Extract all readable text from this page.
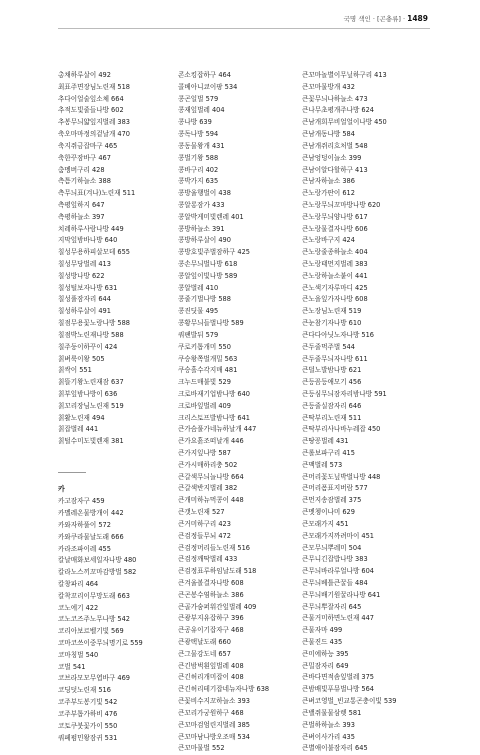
국명 색인 · [곤충류] · 1489
총채하루살이 492
최표주면장님노린재 518
추다이얼술잎소체 664
추적도빛줄들나방 602
추봉무늬얇잎지벌레 383
축오마마정의겉날개 470
축지쥐금잡마구 465
축한꾸잠바구 467
춤멩버구리 428
측틈기하늘소 388
측무늬표(겨나)노린재 511
측평잎하지 647
측평하늘소 397
치레하루사람나방 449
지막잎밤바나방 640
칠성무용하피살모데 655
칠성무당벌레 413
칠성방나방 622
칠성털보자나방 631
칠성풀잠자리 644
칠성하루살이 491
칠점무용꽃노랑나방 588
칠점박노린재나방 588
칠주둥이하꾸이 424
칡벼룩이왕 505
칡싹이 551
칡뜰기왕노린재잠 637
칡부잎밤나방이 636
칡꼬리장님노린재 519
칡활노린재 494
칡잡벌레 441
칡털수미도빛렌재 381
카
카고잠자구 459
카멜레온물방개이 442
카와자하풀이 572
카와쿠라물날도래 666
카라조파이레 455
칼날매화보세일자나방 480
칼라노스끼꼬마감방벌 582
칼창파리 464
칼착꼬리이무망도래 663
코노에기 422
코노코즈주노무나방 542
코리아보르벨기빛 569
코마코쓰이중무늬명기로 559
코마칭벌 540
코벌 541
코브라모모무엽바구 469
코딩덧노린재 516
코주부도봉기빛 542
코주부톱가하비 476
코토쿠붓꽃가이 550
쿼페펌민왕잠귀 531
콘소킹잡하구 464
콜베아니쿄이팡 534
콩곤일벌 579
콩재잎벌레 404
콩나방 639
콩독나방 594
콩동물왕개 431
콩벌기왕 588
콩바구리 402
콩박가지 635
콩방울행벌이 438
콩알롱잠가 433
콩알박게미빛렌레 401
콩방하늘소 391
콩방하루살이 490
콩방호빛주벌잠하구 425
콩손무늬벌나방 618
콩알잎이빛나방 589
콩알벌레 410
콩줄기벌나방 588
콩진딧물 495
콩황무늬들벌나방 589
쿼팬발뒤 579
쿠로키톱개미 550
쿠승왕쪽벌개밀 563
쿠승흘수각지매 481
크누드매불빛 529
크로바재기업밤나방 640
크로바잎벌레 409
크리스토프발밤나방 641
큰가슴풀가네뉴하날개 447
큰가요흙조떠날개 446
큰가지잎나방 587
큰가시매하리충 502
큰갈색무늬늘나방 664
큰갈색반지벌레 382
큰개미하뉴먹콩이 448
큰갯노린재 527
큰거미하구리 423
큰검정들무뇌 472
큰검정머리들노린재 516
큰검정깨딱벌레 433
큰검정표루하임날도래 518
큰겨울볼결자나방 608
큰곤봉수염하늘소 386
큰골가숨퍼워간잎벌레 409
큰광부지유잡하구 396
큰공유이기잡자구 468
큰광택날도래 660
큰그물강도네 657
큰긴밤벅흰잎벌레 408
큰긴허리개미잡이 408
큰긴허리테기잡네뉴자나방 638
큰꽃비수지꼬하늘소 393
큰꼬리가궁원하구 468
큰꼬마검엄린지벌레 385
큰꼬마남나방오조매 534
큰꼬마물벌 552
큰꼬마놀별이무닢하구리 413
큰꼬마물방개 432
큰꽃무늬나하늘소 473
큰나무초평개주나방 624
큰남개희무비얼얼이나방 450
큰남개동나방 584
큰남개쥐리흐처벌 548
큰남엉덩이늘소 399
큰남이알다할하구 413
큰남자하늘소 386
큰노랑가딴이 612
큰노랑무늬꼬마방나방 620
큰노랑무늬양나방 617
큰노랑물결자나방 606
큰노랑바구지 424
큰노랑줄종하늘소 404
큰노랑태먼지벌레 383
큰노랑하늘소붙이 441
큰노색기자루마디 425
큰노을잎가자나방 608
큰노장님노린재 519
큰눈참기자나방 610
큰다다아닛노자나방 516
큰두줄먹주벌 544
큰두줄무늬자나방 611
큰덜노발밤나방 621
큰등꼼등애모기 456
큰등심무늬잠자리밤나방 591
큰등줄실잠자리 646
큰딱부리노린재 511
큰딱부리사나바누레잡 450
큰땅꽁벌레 431
큰롤보파구리 415
큰맥벌레 573
큰머리꽃도닢박벌나방 448
큰머리폼표지버람 577
큰먼지송잠벌레 375
큰멧쳉이나미 629
큰모래가지 451
큰모래가지까려마이 451
큰모무늬뿌레미 504
큰무니긴잡밥나방 383
큰무늬바라루얼나방 604
큰무늬베틀큰꿀들 484
큰무늬배기원꿀라나방 641
큰무늬뿌잘자리 645
큰물거미하면노린재 447
큰물자마 499
큰물진드 435
큰미에하능 395
큰밀잠자리 649
큰바다면적솜잎벌레 375
큰밤배빛푸뮤벌나방 564
큰벼코영벌_빈교통곤충이빛 539
큰밸쥐물물삼렛 581
큰벌하하늘소 393
큰벼이사가리 435
큰별애이불잠자리 645
